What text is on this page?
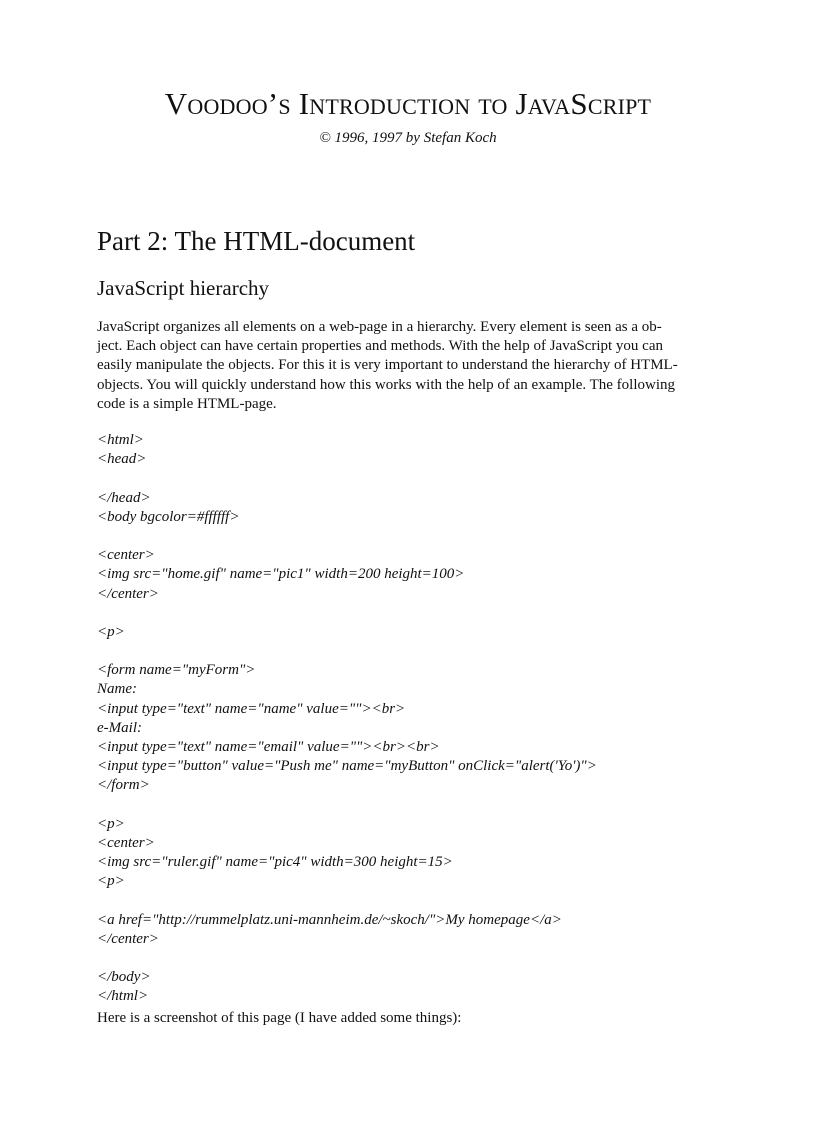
Voodoo’s Introduction to JavaScript
© 1996, 1997 by Stefan Koch
Part 2: The HTML-document
JavaScript hierarchy
JavaScript organizes all elements on a web-page in a hierarchy. Every element is seen as a ob-
ject. Each object can have certain properties and methods. With the help of JavaScript you can
easily manipulate the objects. For this it is very important to understand the hierarchy of HTML-
objects. You will quickly understand how this works with the help of an example. The following
code is a simple HTML-page.
<html>
<head>
</head>
<body bgcolor=#ffffff>
<center>
<img src="home.gif" name="pic1" width=200 height=100>
</center>
<p>
<form name="myForm">
Name:
<input type="text" name="name" value=""><br>
e-Mail:
<input type="text" name="email" value=""><br><br>
<input type="button" value="Push me" name="myButton" onClick="alert('Yo')">
</form>
<p>
<center>
<img src="ruler.gif" name="pic4" width=300 height=15>
<p>
<a href="http://rummelplatz.uni-mannheim.de/~skoch/">My homepage</a>
</center>
</body>
</html>
Here is a screenshot of this page (I have added some things):
